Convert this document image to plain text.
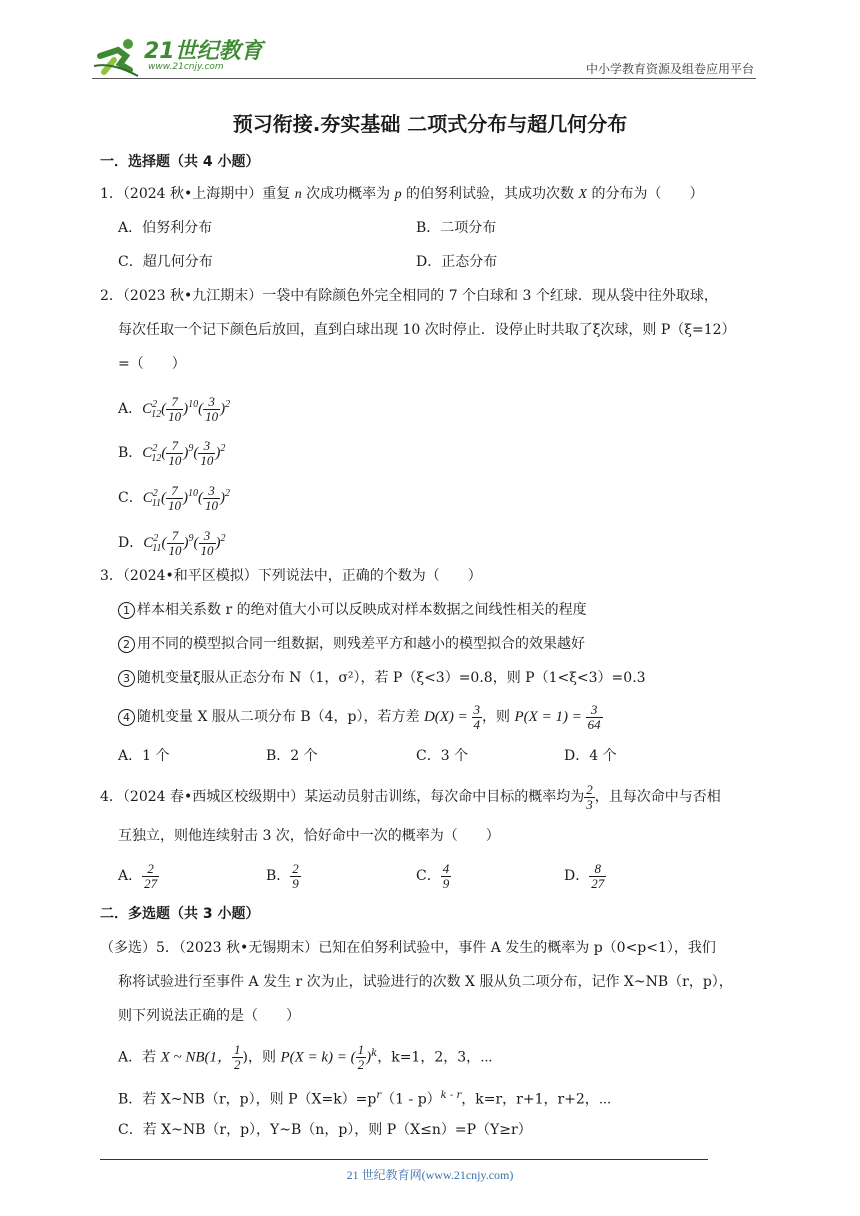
21世纪教育
www.21cnjy.com	中小学教育资源及组卷应用平台
预习衔接.夯实基础 二项式分布与超几何分布
一．选择题（共 4 小题）
1．（2024 秋•上海期中）重复 n 次成功概率为 p 的伯努利试验，其成功次数 X 的分布为（　　）
A．伯努利分布	B．二项分布
C．超几何分布	D．正态分布
2．（2023 秋•九江期末）一袋中有除颜色外完全相同的 7 个白球和 3 个红球．现从袋中往外取球，
每次任取一个记下颜色后放回，直到白球出现 10 次时停止．设停止时共取了ξ次球，则 P（ξ=12）
=（　　）
A．$C^2_{12}( \frac{7}{10} )^{10}( \frac{3}{10} )^2$
B．$C^2_{12}( \frac{7}{10} )^9( \frac{3}{10} )^2$
C．$C^2_{11}( \frac{7}{10} )^{10}( \frac{3}{10} )^2$
D．$C^2_{11}( \frac{7}{10} )^9( \frac{3}{10} )^2$
3．（2024•和平区模拟）下列说法中，正确的个数为（　　）
1 样本相关系数 r 的绝对值大小可以反映成对样本数据之间线性相关的程度
2 用不同的模型拟合同一组数据，则残差平方和越小的模型拟合的效果越好
3 随机变量ξ服从正态分布 N（1，σ²），若 P（ξ<3）=0.8，则 P（1<ξ<3）=0.3
4 随机变量 X 服从二项分布 B（4，p），若方差 $D(X) = \frac{3}{4}$ ，则 $P(X = 1) = \frac{3}{64}$
A．1 个	B．2 个	C．3 个	D．4 个
4．（2024 春•西城区校级期中）某运动员射击训练，每次命中目标的概率均为 $\frac{2}{3}$ ，且每次命中与否相
互独立，则他连续射击 3 次，恰好命中一次的概率为（　　）
A． $\frac{2}{27}$	B． $\frac{2}{9}$	C． $\frac{4}{9}$	D． $\frac{8}{27}$
二．多选题（共 3 小题）
（多选）5．（2023 秋•无锡期末）已知在伯努利试验中，事件 A 发生的概率为 p（0<p<1），我们
称将试验进行至事件 A 发生 r 次为止，试验进行的次数 X 服从负二项分布，记作 X~NB（r，p），
则下列说法正确的是（　　）
A．若 X ~ NB(1， $\frac{1}{2}$ )，则 P(X = k) = ( $\frac{1}{2} )^k$，k=1，2，3，⋯
B．若 X~NB（r，p），则 $P(X=k)=p^r(1 - p)^{k - r}$，k=r，r+1，r+2，⋯
C．若 X~NB（r，p），Y~B（n，p），则 P（X≤n）=P（Y≥r）
21 世纪教育网(www.21cnjy.com)
